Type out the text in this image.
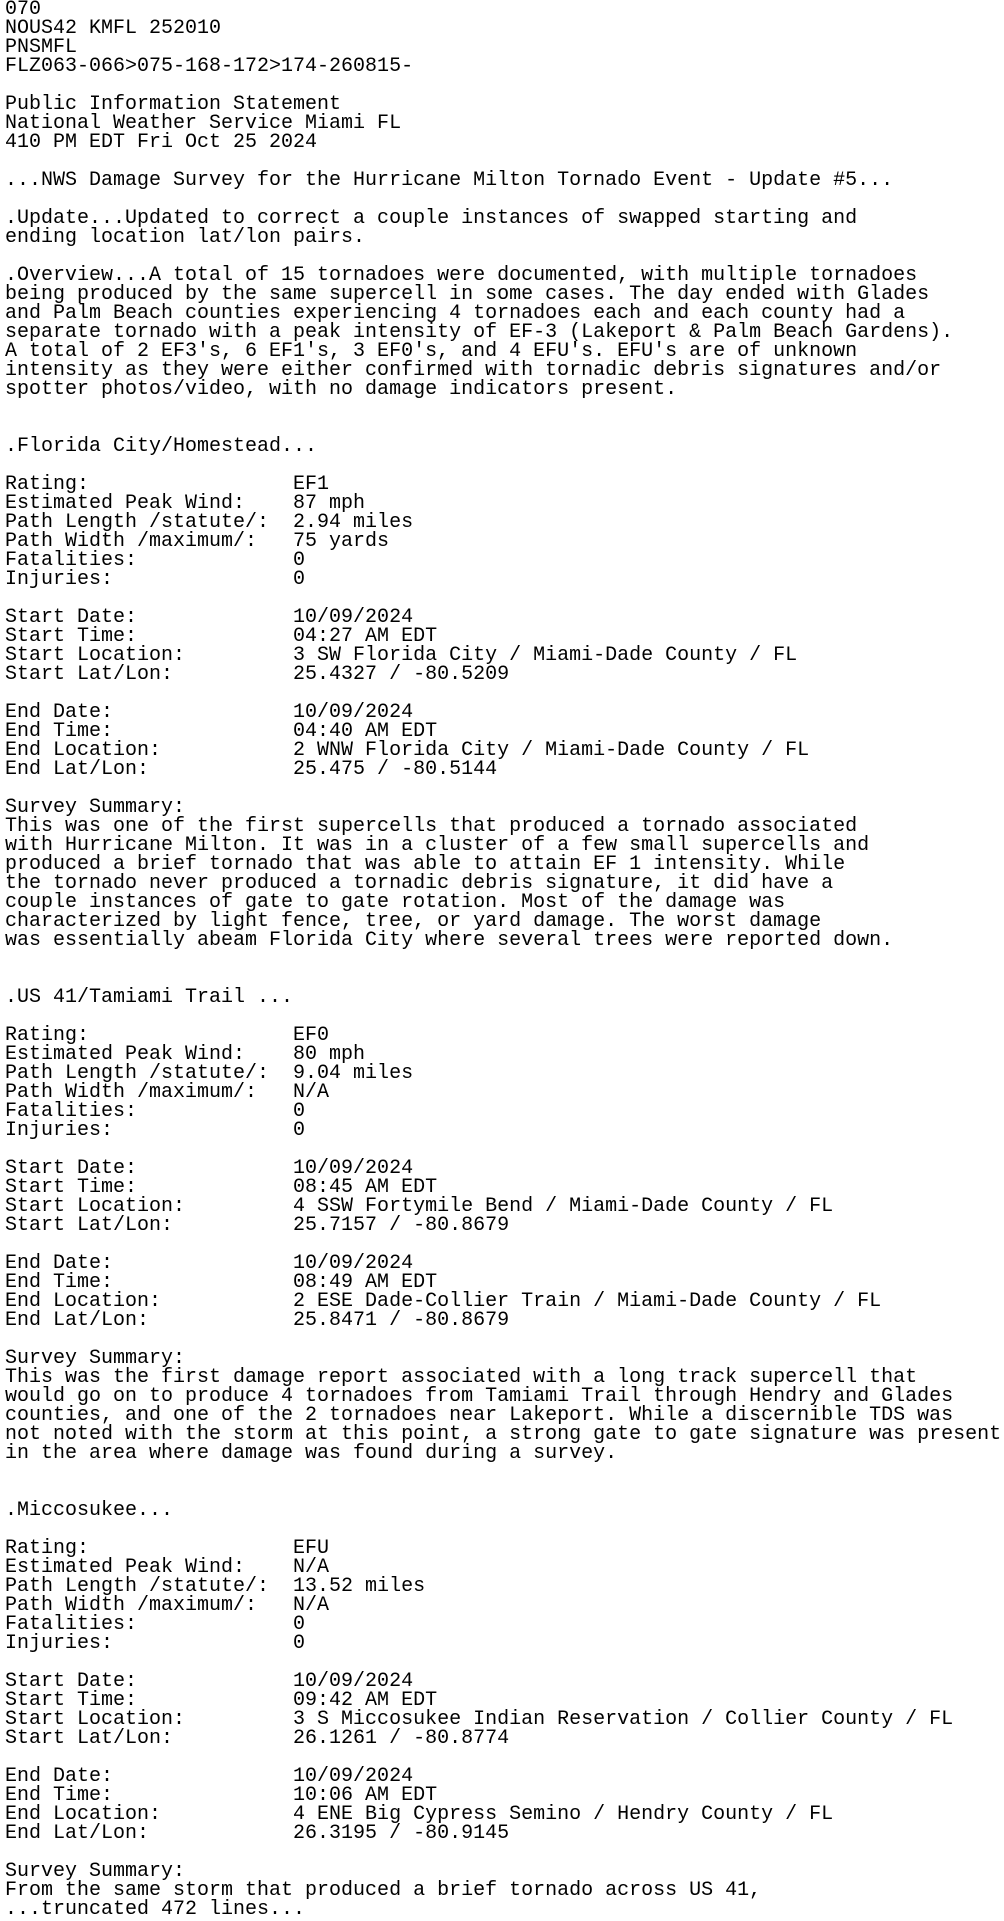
070
NOUS42 KMFL 252010
PNSMFL
FLZ063-066>075-168-172>174-260815-
Public Information Statement
National Weather Service Miami FL
410 PM EDT Fri Oct 25 2024
...NWS Damage Survey for the Hurricane Milton Tornado Event - Update #5...
.Update...Updated to correct a couple instances of swapped starting and
ending location lat/lon pairs.
.Overview...A total of 15 tornadoes were documented, with multiple tornadoes
being produced by the same supercell in some cases. The day ended with Glades
and Palm Beach counties experiencing 4 tornadoes each and each county had a
separate tornado with a peak intensity of EF-3 (Lakeport & Palm Beach Gardens).
A total of 2 EF3's, 6 EF1's, 3 EF0's, and 4 EFU's. EFU's are of unknown
intensity as they were either confirmed with tornadic debris signatures and/or
spotter photos/video, with no damage indicators present.
.Florida City/Homestead...
Rating:                 EF1
Estimated Peak Wind:    87 mph
Path Length /statute/:  2.94 miles
Path Width /maximum/:   75 yards
Fatalities:             0
Injuries:               0
Start Date:             10/09/2024
Start Time:             04:27 AM EDT
Start Location:         3 SW Florida City / Miami-Dade County / FL
Start Lat/Lon:          25.4327 / -80.5209
End Date:               10/09/2024
End Time:               04:40 AM EDT
End Location:           2 WNW Florida City / Miami-Dade County / FL
End Lat/Lon:            25.475 / -80.5144
Survey Summary:
This was one of the first supercells that produced a tornado associated
with Hurricane Milton. It was in a cluster of a few small supercells and
produced a brief tornado that was able to attain EF 1 intensity. While
the tornado never produced a tornadic debris signature, it did have a
couple instances of gate to gate rotation. Most of the damage was
characterized by light fence, tree, or yard damage. The worst damage
was essentially abeam Florida City where several trees were reported down.
.US 41/Tamiami Trail ...
Rating:                 EF0
Estimated Peak Wind:    80 mph
Path Length /statute/:  9.04 miles
Path Width /maximum/:   N/A
Fatalities:             0
Injuries:               0
Start Date:             10/09/2024
Start Time:             08:45 AM EDT
Start Location:         4 SSW Fortymile Bend / Miami-Dade County / FL
Start Lat/Lon:          25.7157 / -80.8679
End Date:               10/09/2024
End Time:               08:49 AM EDT
End Location:           2 ESE Dade-Collier Train / Miami-Dade County / FL
End Lat/Lon:            25.8471 / -80.8679
Survey Summary:
This was the first damage report associated with a long track supercell that
would go on to produce 4 tornadoes from Tamiami Trail through Hendry and Glades
counties, and one of the 2 tornadoes near Lakeport. While a discernible TDS was
not noted with the storm at this point, a strong gate to gate signature was present
in the area where damage was found during a survey.
.Miccosukee...
Rating:                 EFU
Estimated Peak Wind:    N/A
Path Length /statute/:  13.52 miles
Path Width /maximum/:   N/A
Fatalities:             0
Injuries:               0
Start Date:             10/09/2024
Start Time:             09:42 AM EDT
Start Location:         3 S Miccosukee Indian Reservation / Collier County / FL
Start Lat/Lon:          26.1261 / -80.8774
End Date:               10/09/2024
End Time:               10:06 AM EDT
End Location:           4 ENE Big Cypress Semino / Hendry County / FL
End Lat/Lon:            26.3195 / -80.9145
Survey Summary:
From the same storm that produced a brief tornado across US 41,
...truncated 472 lines...
